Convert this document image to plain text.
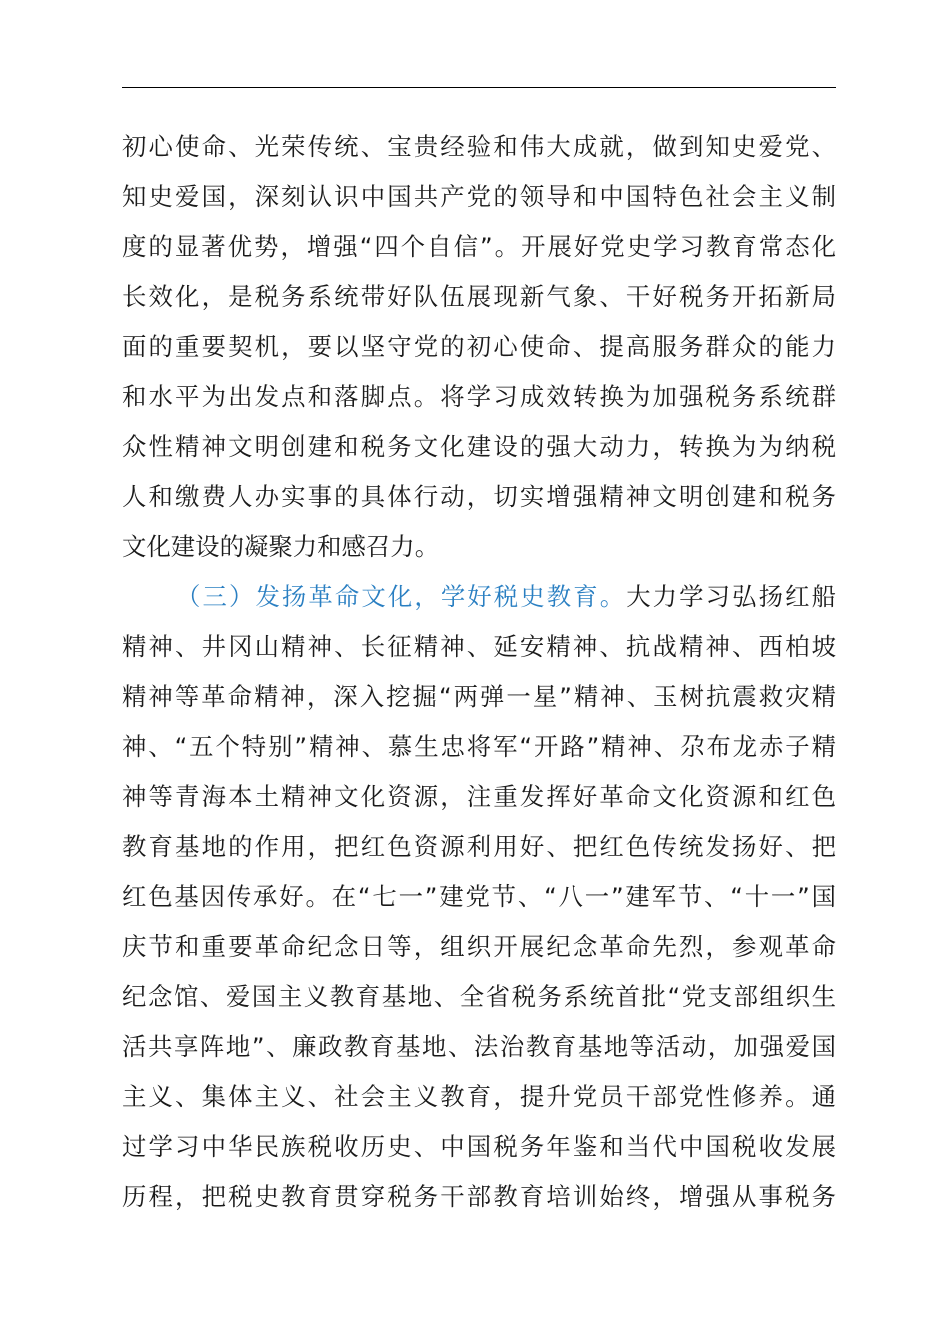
初心使命、光荣传统、宝贵经验和伟大成就，做到知史爱党、
知史爱国，深刻认识中国共产党的领导和中国特色社会主义制
度的显著优势，增强“四个自信”。开展好党史学习教育常态化
长效化，是税务系统带好队伍展现新气象、干好税务开拓新局
面的重要契机，要以坚守党的初心使命、提高服务群众的能力
和水平为出发点和落脚点。将学习成效转换为加强税务系统群
众性精神文明创建和税务文化建设的强大动力，转换为为纳税
人和缴费人办实事的具体行动，切实增强精神文明创建和税务
文化建设的凝聚力和感召力。
（三）发扬革命文化，学好税史教育。大力学习弘扬红船
精神、井冈山精神、长征精神、延安精神、抗战精神、西柏坡
精神等革命精神，深入挖掘“两弹一星”精神、玉树抗震救灾精
神、“五个特别”精神、慕生忠将军“开路”精神、尕布龙赤子精
神等青海本土精神文化资源，注重发挥好革命文化资源和红色
教育基地的作用，把红色资源利用好、把红色传统发扬好、把
红色基因传承好。在“七一”建党节、“八一”建军节、“十一”国
庆节和重要革命纪念日等，组织开展纪念革命先烈，参观革命
纪念馆、爱国主义教育基地、全省税务系统首批“党支部组织生
活共享阵地”、廉政教育基地、法治教育基地等活动，加强爱国
主义、集体主义、社会主义教育，提升党员干部党性修养。通
过学习中华民族税收历史、中国税务年鉴和当代中国税收发展
历程，把税史教育贯穿税务干部教育培训始终，增强从事税务
